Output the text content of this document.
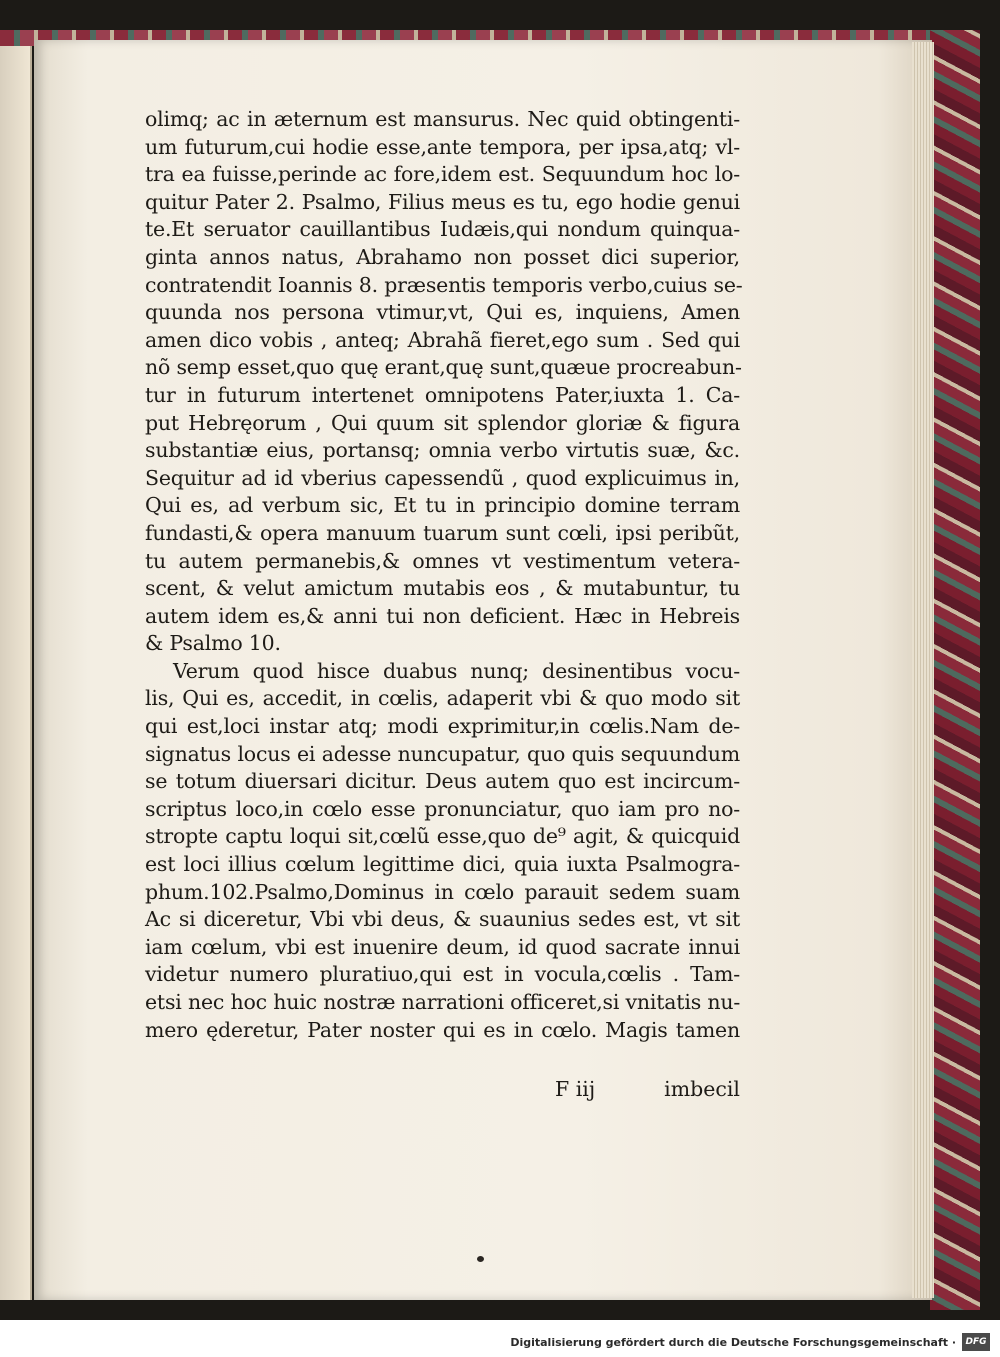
olimq; ac in æternum est mansurus. Nec quid obtingenti-
um futurum,cui hodie esse,ante tempora, per ipsa,atq; vl-
tra ea fuisse,perinde ac fore,idem est. Sequundum hoc lo-
quitur Pater 2. Psalmo, Filius meus es tu, ego hodie genui
te.Et seruator cauillantibus Iudæis,qui nondum quinqua-
ginta annos natus, Abrahamo non posset dici superior,
contratendit Ioannis 8. præsentis temporis verbo,cuius se-
quunda nos persona vtimur,vt, Qui es, inquiens, Amen
amen dico vobis , anteq; Abrahã fieret,ego sum . Sed qui
nõ semp esset,quo quę erant,quę sunt,quæue procreabun-
tur in futurum intertenet omnipotens Pater,iuxta 1. Ca-
put Hebręorum , Qui quum sit splendor gloriæ & figura
substantiæ eius, portansq; omnia verbo virtutis suæ, &c.
Sequitur ad id vberius capessendũ , quod explicuimus in,
Qui es, ad verbum sic, Et tu in principio domine terram
fundasti,& opera manuum tuarum sunt cœli, ipsi peribũt,
tu autem permanebis,& omnes vt vestimentum vetera-
scent, & velut amictum mutabis eos , & mutabuntur, tu
autem idem es,& anni tui non deficient. Hæc in Hebreis
& Psalmo 10.
Verum quod hisce duabus nunq; desinentibus vocu-
lis, Qui es, accedit, in cœlis, adaperit vbi & quo modo sit
qui est,loci instar atq; modi exprimitur,in cœlis.Nam de-
signatus locus ei adesse nuncupatur, quo quis sequundum
se totum diuersari dicitur. Deus autem quo est incircum-
scriptus loco,in cœlo esse pronunciatur, quo iam pro no-
stropte captu loqui sit,cœlũ esse,quo de⁹ agit, & quicquid
est loci illius cœlum legittime dici, quia iuxta Psalmogra-
phum.102.Psalmo,Dominus in cœlo parauit sedem suam
Ac si diceretur, Vbi vbi deus, & suaunius sedes est, vt sit
iam cœlum, vbi est inuenire deum, id quod sacrate innui
videtur numero pluratiuo,qui est in vocula,cœlis . Tam-
etsi nec hoc huic nostræ narrationi officeret,si vnitatis nu-
mero ęderetur, Pater noster qui es in cœlo. Magis tamen
F iij	imbecil
Digitalisierung gefördert durch die Deutsche Forschungsgemeinschaft ·	DFG
